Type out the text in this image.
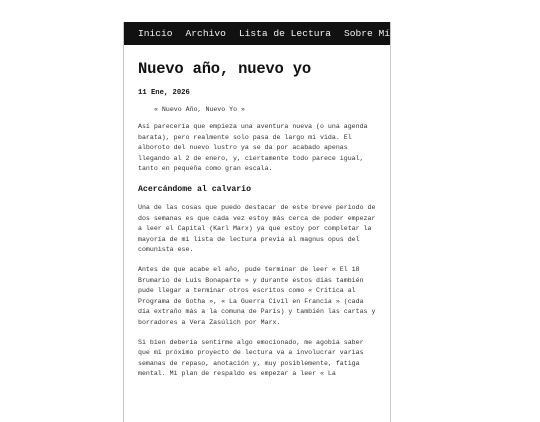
Inicio Archivo Lista de Lectura Sobre Mí
Nuevo año, nuevo yo
11 Ene, 2026
« Nuevo Año, Nuevo Yo »

Así parecería que empieza una aventura nueva (o una agenda barata), pero realmente solo pasa de largo mi vida. El alboroto del nuevo lustro ya se da por acabado apenas llegando al 2 de enero, y, ciertamente todo parece igual, tanto en pequeña como gran escala.

Acercándome al calvario

Una de las cosas que puedo destacar de este breve periodo de dos semanas es que cada vez estoy más cerca de poder empezar a leer el Capital (Karl Marx) ya que estoy por completar la mayoría de mi lista de lectura previa al magnus opus del comunista ese.

Antes de que acabe el año, pude terminar de leer « El 18 Brumario de Luis Bonaparte » y durante estos días también pude llegar a terminar otros escritos como « Crítica al Programa de Gotha », « La Guerra Civil en Francia » (cada día extraño más a la comuna de París) y también las cartas y borradores a Vera Zasúlich por Marx.

Si bien debería sentirme algo emocionado, me agobia saber que mi próximo proyecto de lectura va a involucrar varias semanas de repaso, anotación y, muy posiblemente, fatiga mental. Mi plan de respaldo es empezar a leer « La
